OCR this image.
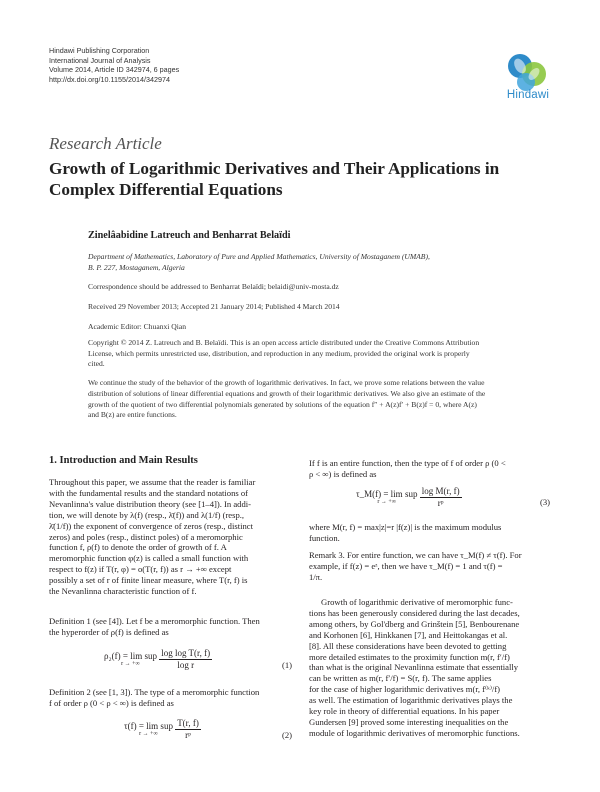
Hindawi Publishing Corporation
International Journal of Analysis
Volume 2014, Article ID 342974, 6 pages
http://dx.doi.org/10.1155/2014/342974
Hindawi
Research Article
Growth of Logarithmic Derivatives and Their Applications in
Complex Differential Equations
Zinelâabidine Latreuch and Benharrat Belaïdi
Department of Mathematics, Laboratory of Pure and Applied Mathematics, University of Mostaganem (UMAB),
B. P. 227, Mostaganem, Algeria
Correspondence should be addressed to Benharrat Belaïdi; belaidi@univ-mosta.dz
Received 29 November 2013; Accepted 21 January 2014; Published 4 March 2014
Academic Editor: Chuanxi Qian
Copyright © 2014 Z. Latreuch and B. Belaïdi. This is an open access article distributed under the Creative Commons Attribution
License, which permits unrestricted use, distribution, and reproduction in any medium, provided the original work is properly
cited.
We continue the study of the behavior of the growth of logarithmic derivatives. In fact, we prove some relations between the value
distribution of solutions of linear differential equations and growth of their logarithmic derivatives. We also give an estimate of the
growth of the quotient of two differential polynomials generated by solutions of the equation f″ + A(z)f′ + B(z)f = 0, where A(z)
and B(z) are entire functions.
1. Introduction and Main Results
Throughout this paper, we assume that the reader is familiar
with the fundamental results and the standard notations of
Nevanlinna's value distribution theory (see [1–4]). In addi-
tion, we will denote by λ(f) (resp., λ̄(f)) and λ(1/f) (resp.,
λ̄(1/f)) the exponent of convergence of zeros (resp., distinct
zeros) and poles (resp., distinct poles) of a meromorphic
function f, ρ(f) to denote the order of growth of f. A
meromorphic function φ(z) is called a small function with
respect to f(z) if T(r, φ) = o(T(r, f)) as r → +∞ except
possibly a set of r of finite linear measure, where T(r, f) is
the Nevanlinna characteristic function of f.
Definition 1 (see [4]). Let f be a meromorphic function. Then
the hyperorder of ρ(f) is defined as
ρ₂(f) = lim sup
r → +∞
$\frac{\text{log log T(r, f)}}{\text{log r}}$	(1)
Definition 2 (see [1, 3]). The type of a meromorphic function
f of order ρ (0 < ρ < ∞) is defined as
τ(f) = lim sup
r → +∞
$\frac{T(r, f)}{\text{rᵖ}}$	(2)
If f is an entire function, then the type of f of order ρ (0 <
ρ < ∞) is defined as
τ_M(f) = lim sup
r → +∞
	$\frac{\text{log M(r, f)}}{\text{rᵖ}}$	(3)
where M(r, f) = max|z|=r |f(z)| is the maximum modulus
function.
Remark 3. For entire function, we can have τ_M(f) ≠ τ(f). For
example, if f(z) = eᶻ, then we have τ_M(f) = 1 and τ(f) =
1/π.
Growth of logarithmic derivative of meromorphic func-
tions has been generously considered during the last decades,
among others, by Gol'dberg and Grinštein [5], Benbourenane
and Korhonen [6], Hinkkanen [7], and Heittokangas et al.
[8]. All these considerations have been devoted to getting
more detailed estimates to the proximity function m(r, f′/f)
than what is the original Nevanlinna estimate that essentially
can be written as m(r, f′/f) = S(r, f). The same applies
for the case of higher logarithmic derivatives m(r, f⁽ᵏ⁾/f)
as well. The estimation of logarithmic derivatives plays the
key role in theory of differential equations. In his paper
Gundersen [9] proved some interesting inequalities on the
module of logarithmic derivatives of meromorphic functions.
